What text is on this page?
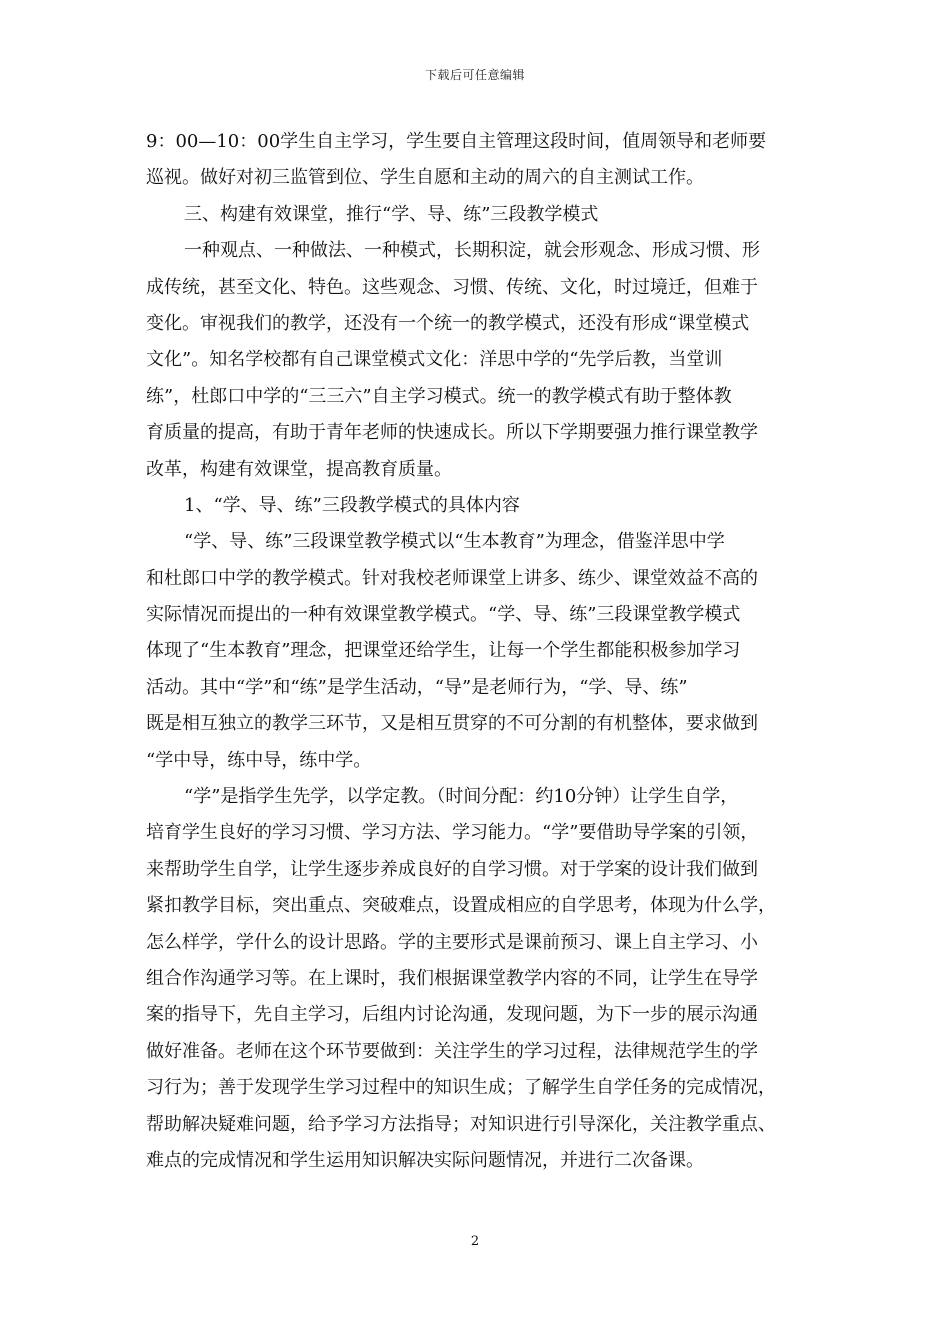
下载后可任意编辑
9：00—10：00学生自主学习，学生要自主管理这段时间，值周领导和老师要
巡视。做好对初三监管到位、学生自愿和主动的周六的自主测试工作。
三、构建有效课堂，推行“学、导、练”三段教学模式
一种观点、一种做法、一种模式，长期积淀，就会形观念、形成习惯、形
成传统，甚至文化、特色。这些观念、习惯、传统、文化，时过境迁，但难于
变化。审视我们的教学，还没有一个统一的教学模式，还没有形成“课堂模式
文化”。知名学校都有自己课堂模式文化：洋思中学的“先学后教，当堂训
练”，杜郎口中学的“三三六”自主学习模式。统一的教学模式有助于整体教
育质量的提高，有助于青年老师的快速成长。所以下学期要强力推行课堂教学
改革，构建有效课堂，提高教育质量。
1、“学、导、练”三段教学模式的具体内容
“学、导、练”三段课堂教学模式以“生本教育”为理念，借鉴洋思中学
和杜郎口中学的教学模式。针对我校老师课堂上讲多、练少、课堂效益不高的
实际情况而提出的一种有效课堂教学模式。“学、导、练”三段课堂教学模式
体现了“生本教育”理念，把课堂还给学生，让每一个学生都能积极参加学习
活动。其中“学”和“练”是学生活动，“导”是老师行为，“学、导、练”
既是相互独立的教学三环节，又是相互贯穿的不可分割的有机整体，要求做到
“学中导，练中导，练中学。
“学”是指学生先学，以学定教。（时间分配：约10分钟）让学生自学，
培育学生良好的学习习惯、学习方法、学习能力。“学”要借助导学案的引领，
来帮助学生自学，让学生逐步养成良好的自学习惯。对于学案的设计我们做到
紧扣教学目标，突出重点、突破难点，设置成相应的自学思考，体现为什么学，
怎么样学，学什么的设计思路。学的主要形式是课前预习、课上自主学习、小
组合作沟通学习等。在上课时，我们根据课堂教学内容的不同，让学生在导学
案的指导下，先自主学习，后组内讨论沟通，发现问题，为下一步的展示沟通
做好准备。老师在这个环节要做到：关注学生的学习过程，法律规范学生的学
习行为；善于发现学生学习过程中的知识生成；了解学生自学任务的完成情况，
帮助解决疑难问题，给予学习方法指导；对知识进行引导深化，关注教学重点、
难点的完成情况和学生运用知识解决实际问题情况，并进行二次备课。
2
